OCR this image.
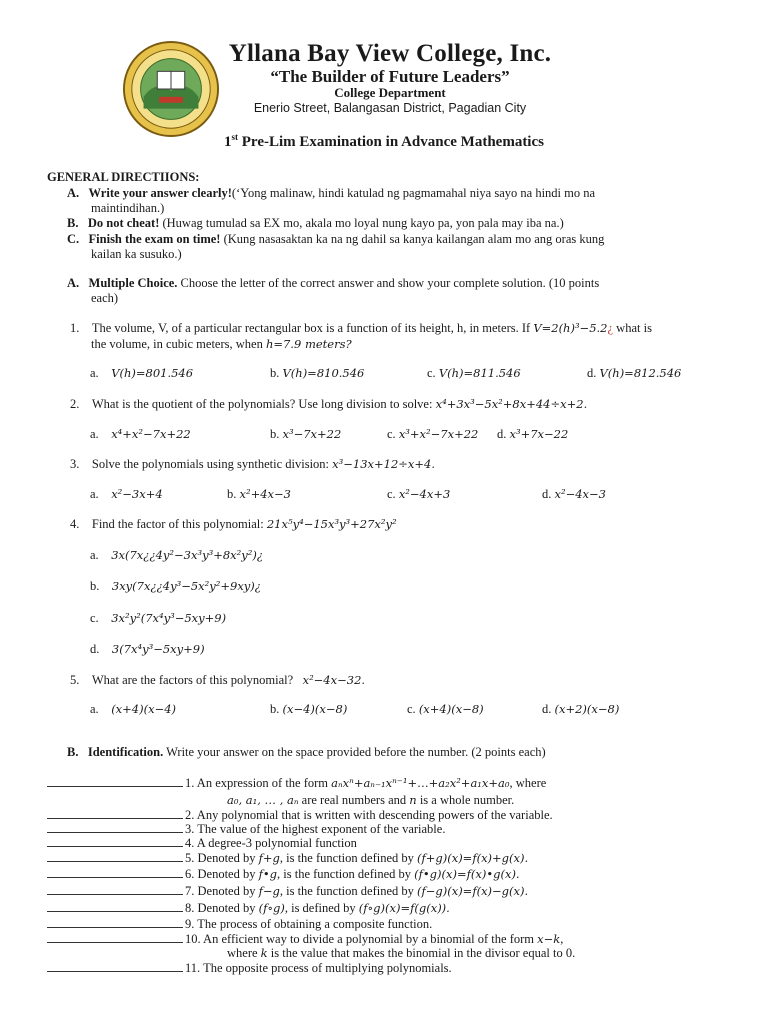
Yllana Bay View College, Inc.
“The Builder of Future Leaders”
College Department
Enerio Street, Balangasan District, Pagadian City
1st Pre-Lim Examination in Advance Mathematics
GENERAL DIRECTIIONS:
A. Write your answer clearly!(‘Yong malinaw, hindi katulad ng pagmamahal niya sayo na hindi mo na
maintindihan.)
B. Do not cheat! (Huwag tumulad sa EX mo, akala mo loyal nung kayo pa, yon pala may iba na.)
C. Finish the exam on time! (Kung nasasaktan ka na ng dahil sa kanya kailangan alam mo ang oras kung
kailan ka susuko.)
A. Multiple Choice. Choose the letter of the correct answer and show your complete solution. (10 points
each)
1. The volume, V, of a particular rectangular box is a function of its height, h, in meters. If V=2(h)³−5.2¿ what is
the volume, in cubic meters, when h=7.9 meters?
a. V(h)=801.546	b. V(h)=810.546	c. V(h)=811.546	d. V(h)=812.546
2. What is the quotient of the polynomials? Use long division to solve: x⁴+3x³−5x²+8x+44÷x+2.
a. x⁴+x²−7x+22	b. x³−7x+22	c. x³+x²−7x+22 d. x³+7x−22
3. Solve the polynomials using synthetic division: x³−13x+12÷x+4.
a. x²−3x+4	b. x²+4x−3	c. x²−4x+3	d. x²−4x−3
4. Find the factor of this polynomial: 21x⁵y⁴−15x³y³+27x²y²
a. 3x(7x¿¿4y²−3x³y³+8x²y²)¿
b. 3xy(7x¿¿4y³−5x²y²+9xy)¿
c. 3x²y²(7x⁴y³−5xy+9)
d. 3(7x⁴y³−5xy+9)
5. What are the factors of this polynomial?   x²−4x−32.
a. (x+4)(x−4)	b. (x−4)(x−8)	c. (x+4)(x−8)	d. (x+2)(x−8)
B. Identification. Write your answer on the space provided before the number. (2 points each)
1. An expression of the form aₙxⁿ+aₙ₋₁xⁿ⁻¹+…+a₂x²+a₁x+a₀, where
a₀, a₁, … , aₙ are real numbers and n is a whole number.
2. Any polynomial that is written with descending powers of the variable.
3. The value of the highest exponent of the variable.
4. A degree-3 polynomial function
5. Denoted by f+g, is the function defined by (f+g)(x)=f(x)+g(x).
6. Denoted by f•g, is the function defined by (f•g)(x)=f(x)•g(x).
7. Denoted by f−g, is the function defined by (f−g)(x)=f(x)−g(x).
8. Denoted by (f∘g), is defined by (f∘g)(x)=f(g(x)).
9. The process of obtaining a composite function.
10. An efficient way to divide a polynomial by a binomial of the form x−k,
where k is the value that makes the binomial in the divisor equal to 0.
11. The opposite process of multiplying polynomials.
